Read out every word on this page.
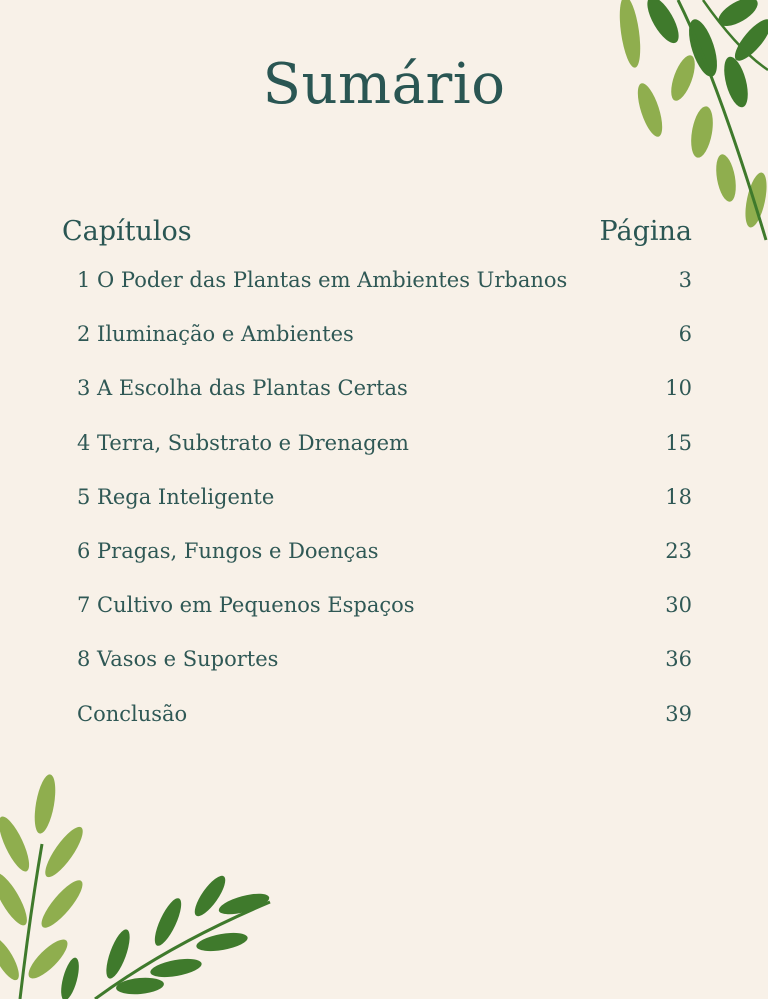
Sumário
Capítulos	Página
1 O Poder das Plantas em Ambientes Urbanos	3
2 Iluminação e Ambientes	6
3 A Escolha das Plantas Certas	10
4 Terra, Substrato e Drenagem	15
5 Rega Inteligente	18
6 Pragas, Fungos e Doenças	23
7 Cultivo em Pequenos Espaços	30
8 Vasos e Suportes	36
Conclusão	39
